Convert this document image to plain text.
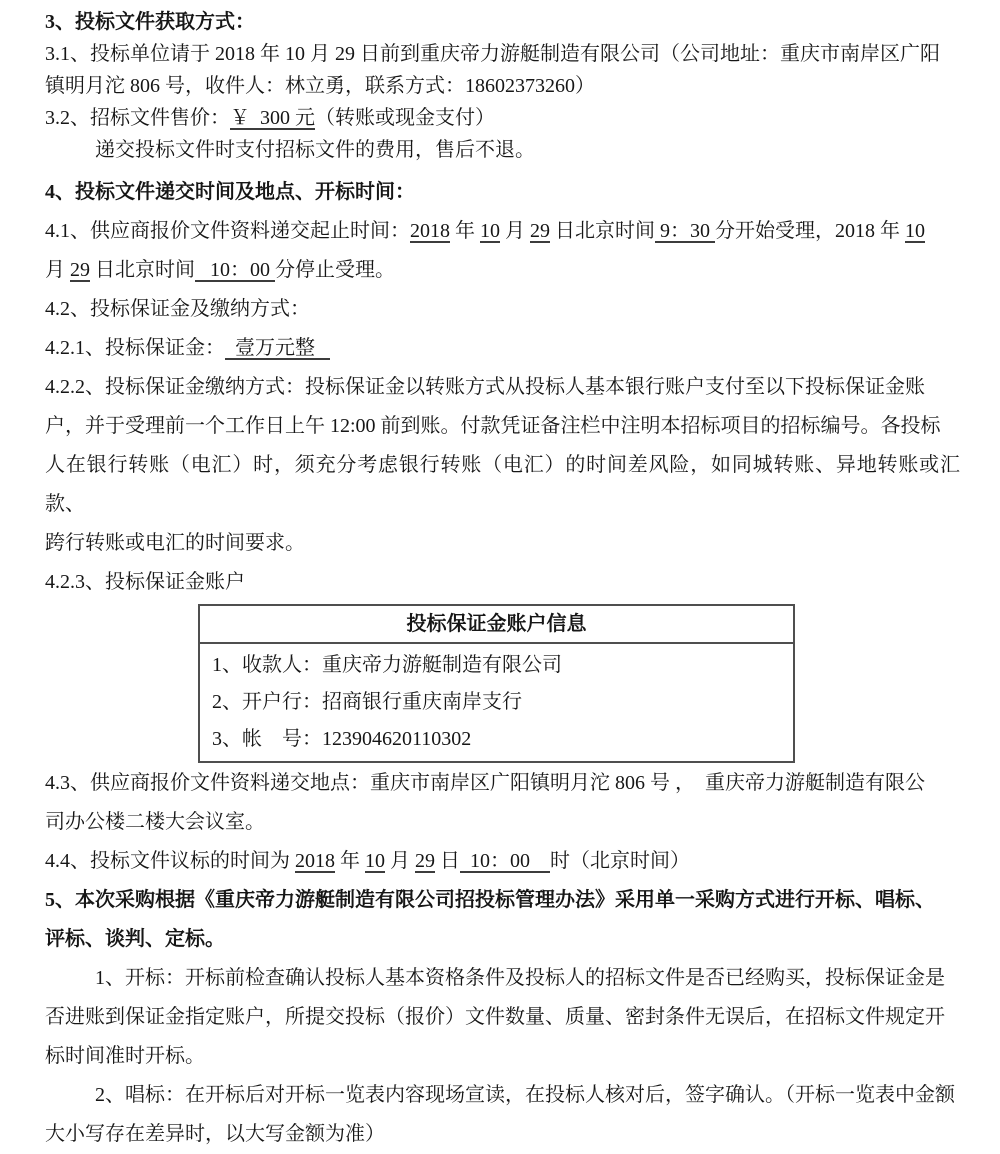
3、投标文件获取方式：

3.1、投标单位请于 2018 年 10 月 29 日前到重庆帝力游艇制造有限公司（公司地址：重庆市南岸区广阳
镇明月沱 806 号，收件人：林立勇，联系方式：18602373260）

3.2、招标文件售价：￥  300 元（转账或现金支付）

递交投标文件时支付招标文件的费用，售后不退。

4、投标文件递交时间及地点、开标时间：

4.1、供应商报价文件资料递交起止时间：2018 年 10 月 29 日北京时间 9：30 分开始受理，2018 年 10
月 29 日北京时间   10：00 分停止受理。

4.2、投标保证金及缴纳方式：

4.2.1、投标保证金：  壹万元整

4.2.2、投标保证金缴纳方式：投标保证金以转账方式从投标人基本银行账户支付至以下投标保证金账
户，并于受理前一个工作日上午 12:00 前到账。付款凭证备注栏中注明本招标项目的招标编号。各投标
人在银行转账（电汇）时，须充分考虑银行转账（电汇）的时间差风险，如同城转账、异地转账或汇款、
跨行转账或电汇的时间要求。

4.2.3、投标保证金账户

投标保证金账户信息

1、收款人：重庆帝力游艇制造有限公司

2、开户行：招商银行重庆南岸支行

3、帐　号：123904620110302

4.3、供应商报价文件资料递交地点：重庆市南岸区广阳镇明月沱 806 号 ，  重庆帝力游艇制造有限公
司办公楼二楼大会议室。

4.4、投标文件议标的时间为 2018 年 10 月 29 日  10：00    时（北京时间）

5、本次采购根据《重庆帝力游艇制造有限公司招投标管理办法》采用单一采购方式进行开标、唱标、
评标、谈判、定标。

1、开标：开标前检查确认投标人基本资格条件及投标人的招标文件是否已经购买，投标保证金是
否进账到保证金指定账户，所提交投标（报价）文件数量、质量、密封条件无误后，在招标文件规定开
标时间准时开标。

2、唱标：在开标后对开标一览表内容现场宣读，在投标人核对后，签字确认。（开标一览表中金额
大小写存在差异时，以大写金额为准）
